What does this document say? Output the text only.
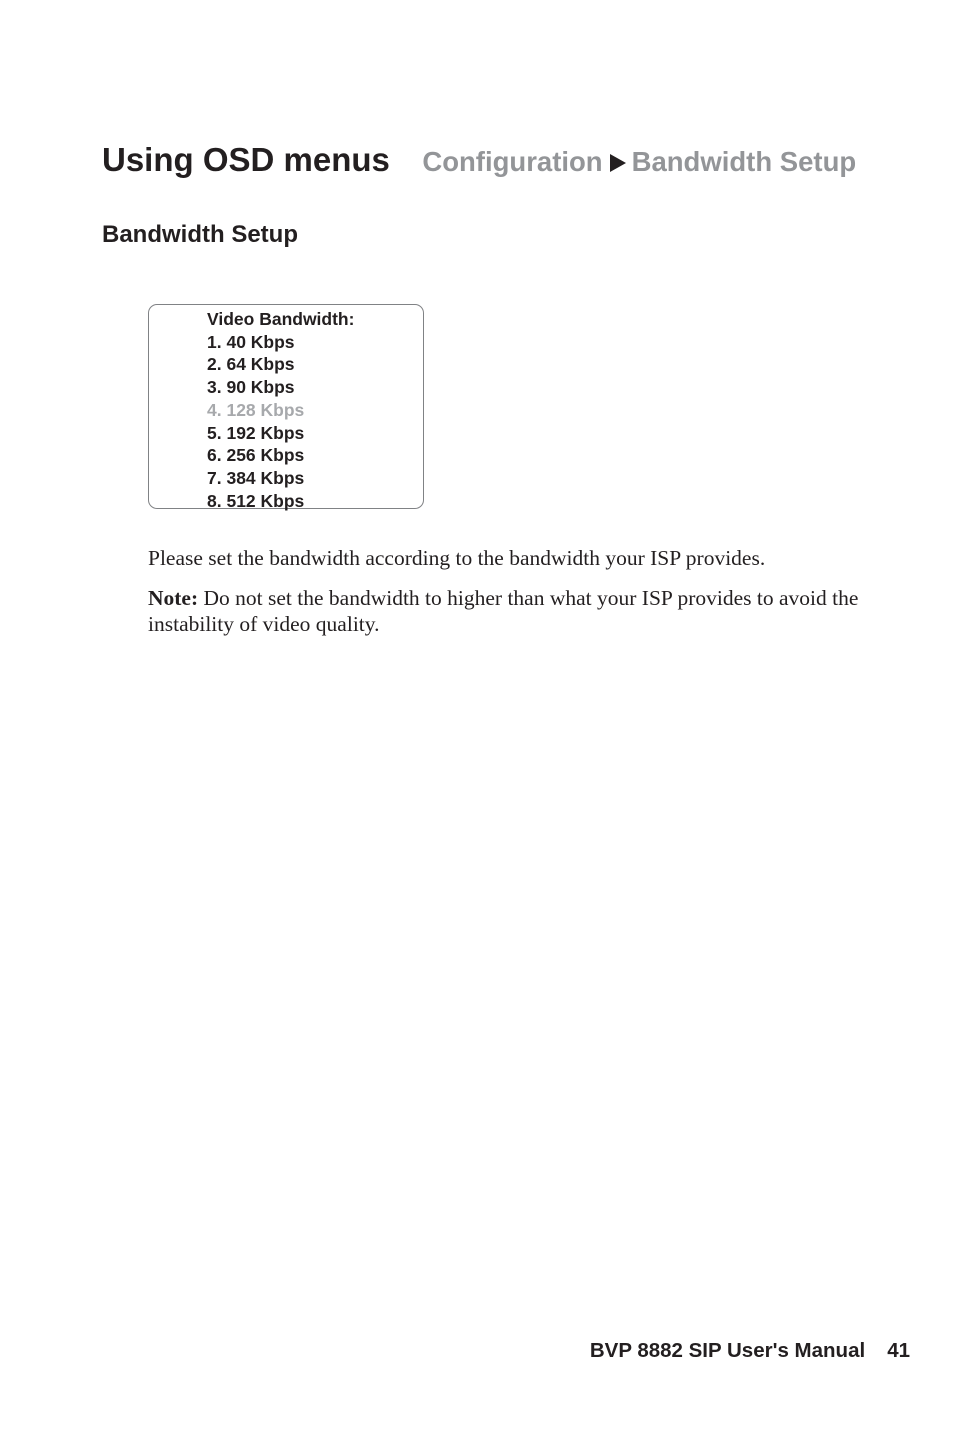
Using OSD menus Configuration Bandwidth Setup
Bandwidth Setup
Video Bandwidth:
1. 40 Kbps
2. 64 Kbps
3. 90 Kbps
4. 128 Kbps
5. 192 Kbps
6. 256 Kbps
7. 384 Kbps
8. 512 Kbps

Please set the bandwidth according to the bandwidth your ISP provides.

Note: Do not set the bandwidth to higher than what your ISP provides to avoid the instability of video quality.

BVP 8882 SIP User's Manual 41
